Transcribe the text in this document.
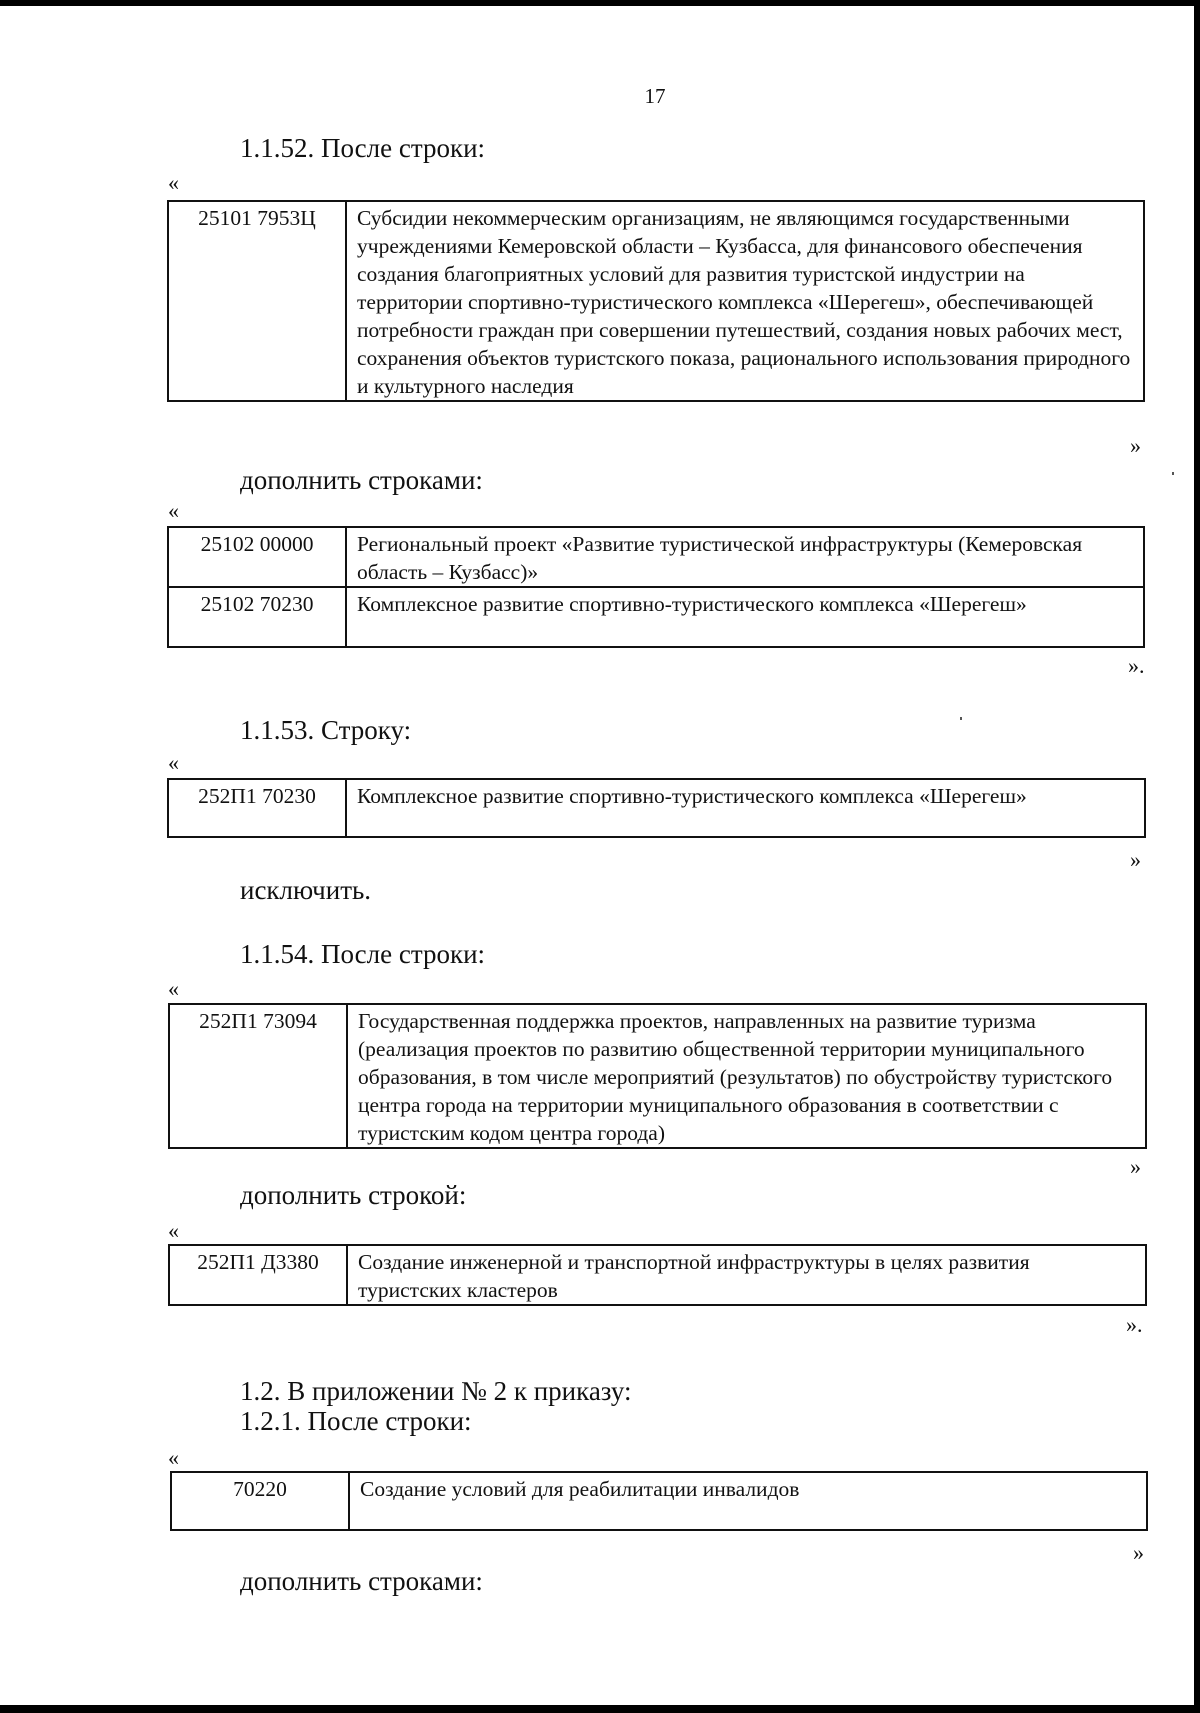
17
1.1.52. После строки:
«
25101 7953Ц	Субсидии некоммерческим организациям, не являющимся государственными учреждениями Кемеровской области – Кузбасса, для финансового обеспечения создания благоприятных условий для развития туристской индустрии на территории спортивно-туристического комплекса «Шерегеш», обеспечивающей потребности граждан при совершении путешествий, создания новых рабочих мест, сохранения объектов туристского показа, рационального использования природного и культурного наследия
»
дополнить строками:
«
25102 00000	Региональный проект «Развитие туристической инфраструктуры (Кемеровская область – Кузбасс)»
25102 70230	Комплексное развитие спортивно-туристического комплекса «Шерегеш»
».
1.1.53. Строку:
«
252П1 70230	Комплексное развитие спортивно-туристического комплекса «Шерегеш»
»
исключить.
1.1.54. После строки:
«
252П1 73094	Государственная поддержка проектов, направленных на развитие туризма (реализация проектов по развитию общественной территории муниципального образования, в том числе мероприятий (результатов) по обустройству туристского центра города на территории муниципального образования в соответствии с туристским кодом центра города)
»
дополнить строкой:
«
252П1 Д3380	Создание инженерной и транспортной инфраструктуры в целях развития туристских кластеров
».
1.2. В приложении № 2 к приказу:
1.2.1. После строки:
«
70220	Создание условий для реабилитации инвалидов
»
дополнить строками:
